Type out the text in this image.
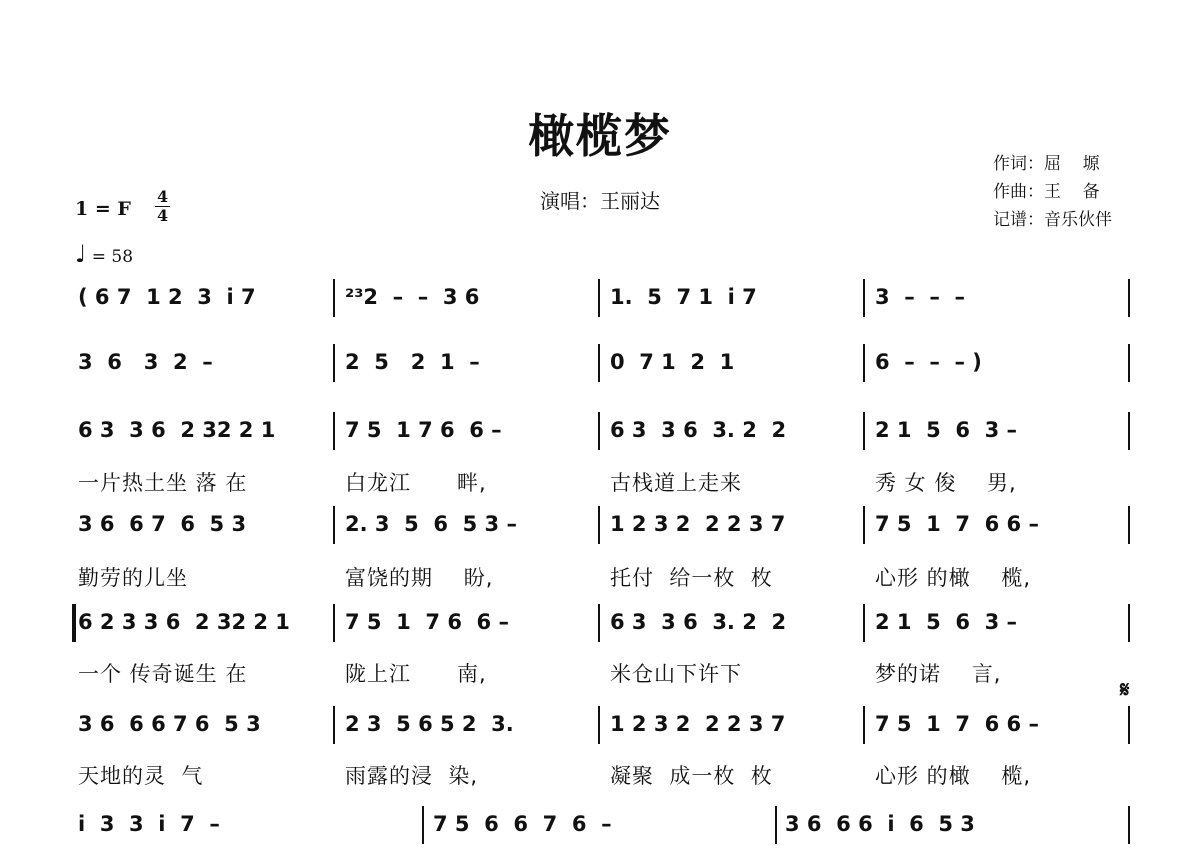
橄榄梦
演唱：王丽达
作词：屈    塬
作曲：王    备
记谱：音乐伙伴
1 = F
4
4
♩ = 58
( 6 7  1 2  3  i 7	²³2  –  –  3 6	1.  5  7 1  i 7	3  –  –  –
3  6   3  2  –	2  5   2  1  –	0  7 1  2  1	6  –  –  – )
6 3  3 6  2 32 2 1	7 5  1 7 6  6 –	6 3  3 6  3. 2  2	2 1  5  6  3 –
一片热土坐 落 在	白龙江      畔,	古栈道上走来	秀 女 俊    男,
3 6  6 7  6  5 3	2. 3  5  6  5 3 –	1 2 3 2  2 2 3 7	7 5  1  7  6 6 –
勤劳的儿坐	富饶的期    盼,	托付  给一枚  枚	心形 的橄    榄,
6 2 3 3 6  2 32 2 1	7 5  1  7 6  6 –	6 3  3 6  3. 2  2	2 1  5  6  3 –
一个 传奇诞生 在	陇上江      南,	米仓山下许下	梦的诺    言,
3 6  6 6 7 6  5 3	2 3  5 6 5 2  3.	1 2 3 2  2 2 3 7	7 5  1  7  6 6 –
天地的灵  气	雨露的浸  染,	凝聚  成一枚  枚	心形 的橄    榄,
i  3  3  i  7  –	7 5  6  6  7  6  –	3 6  6 6  i  6  5 3
𝄋
